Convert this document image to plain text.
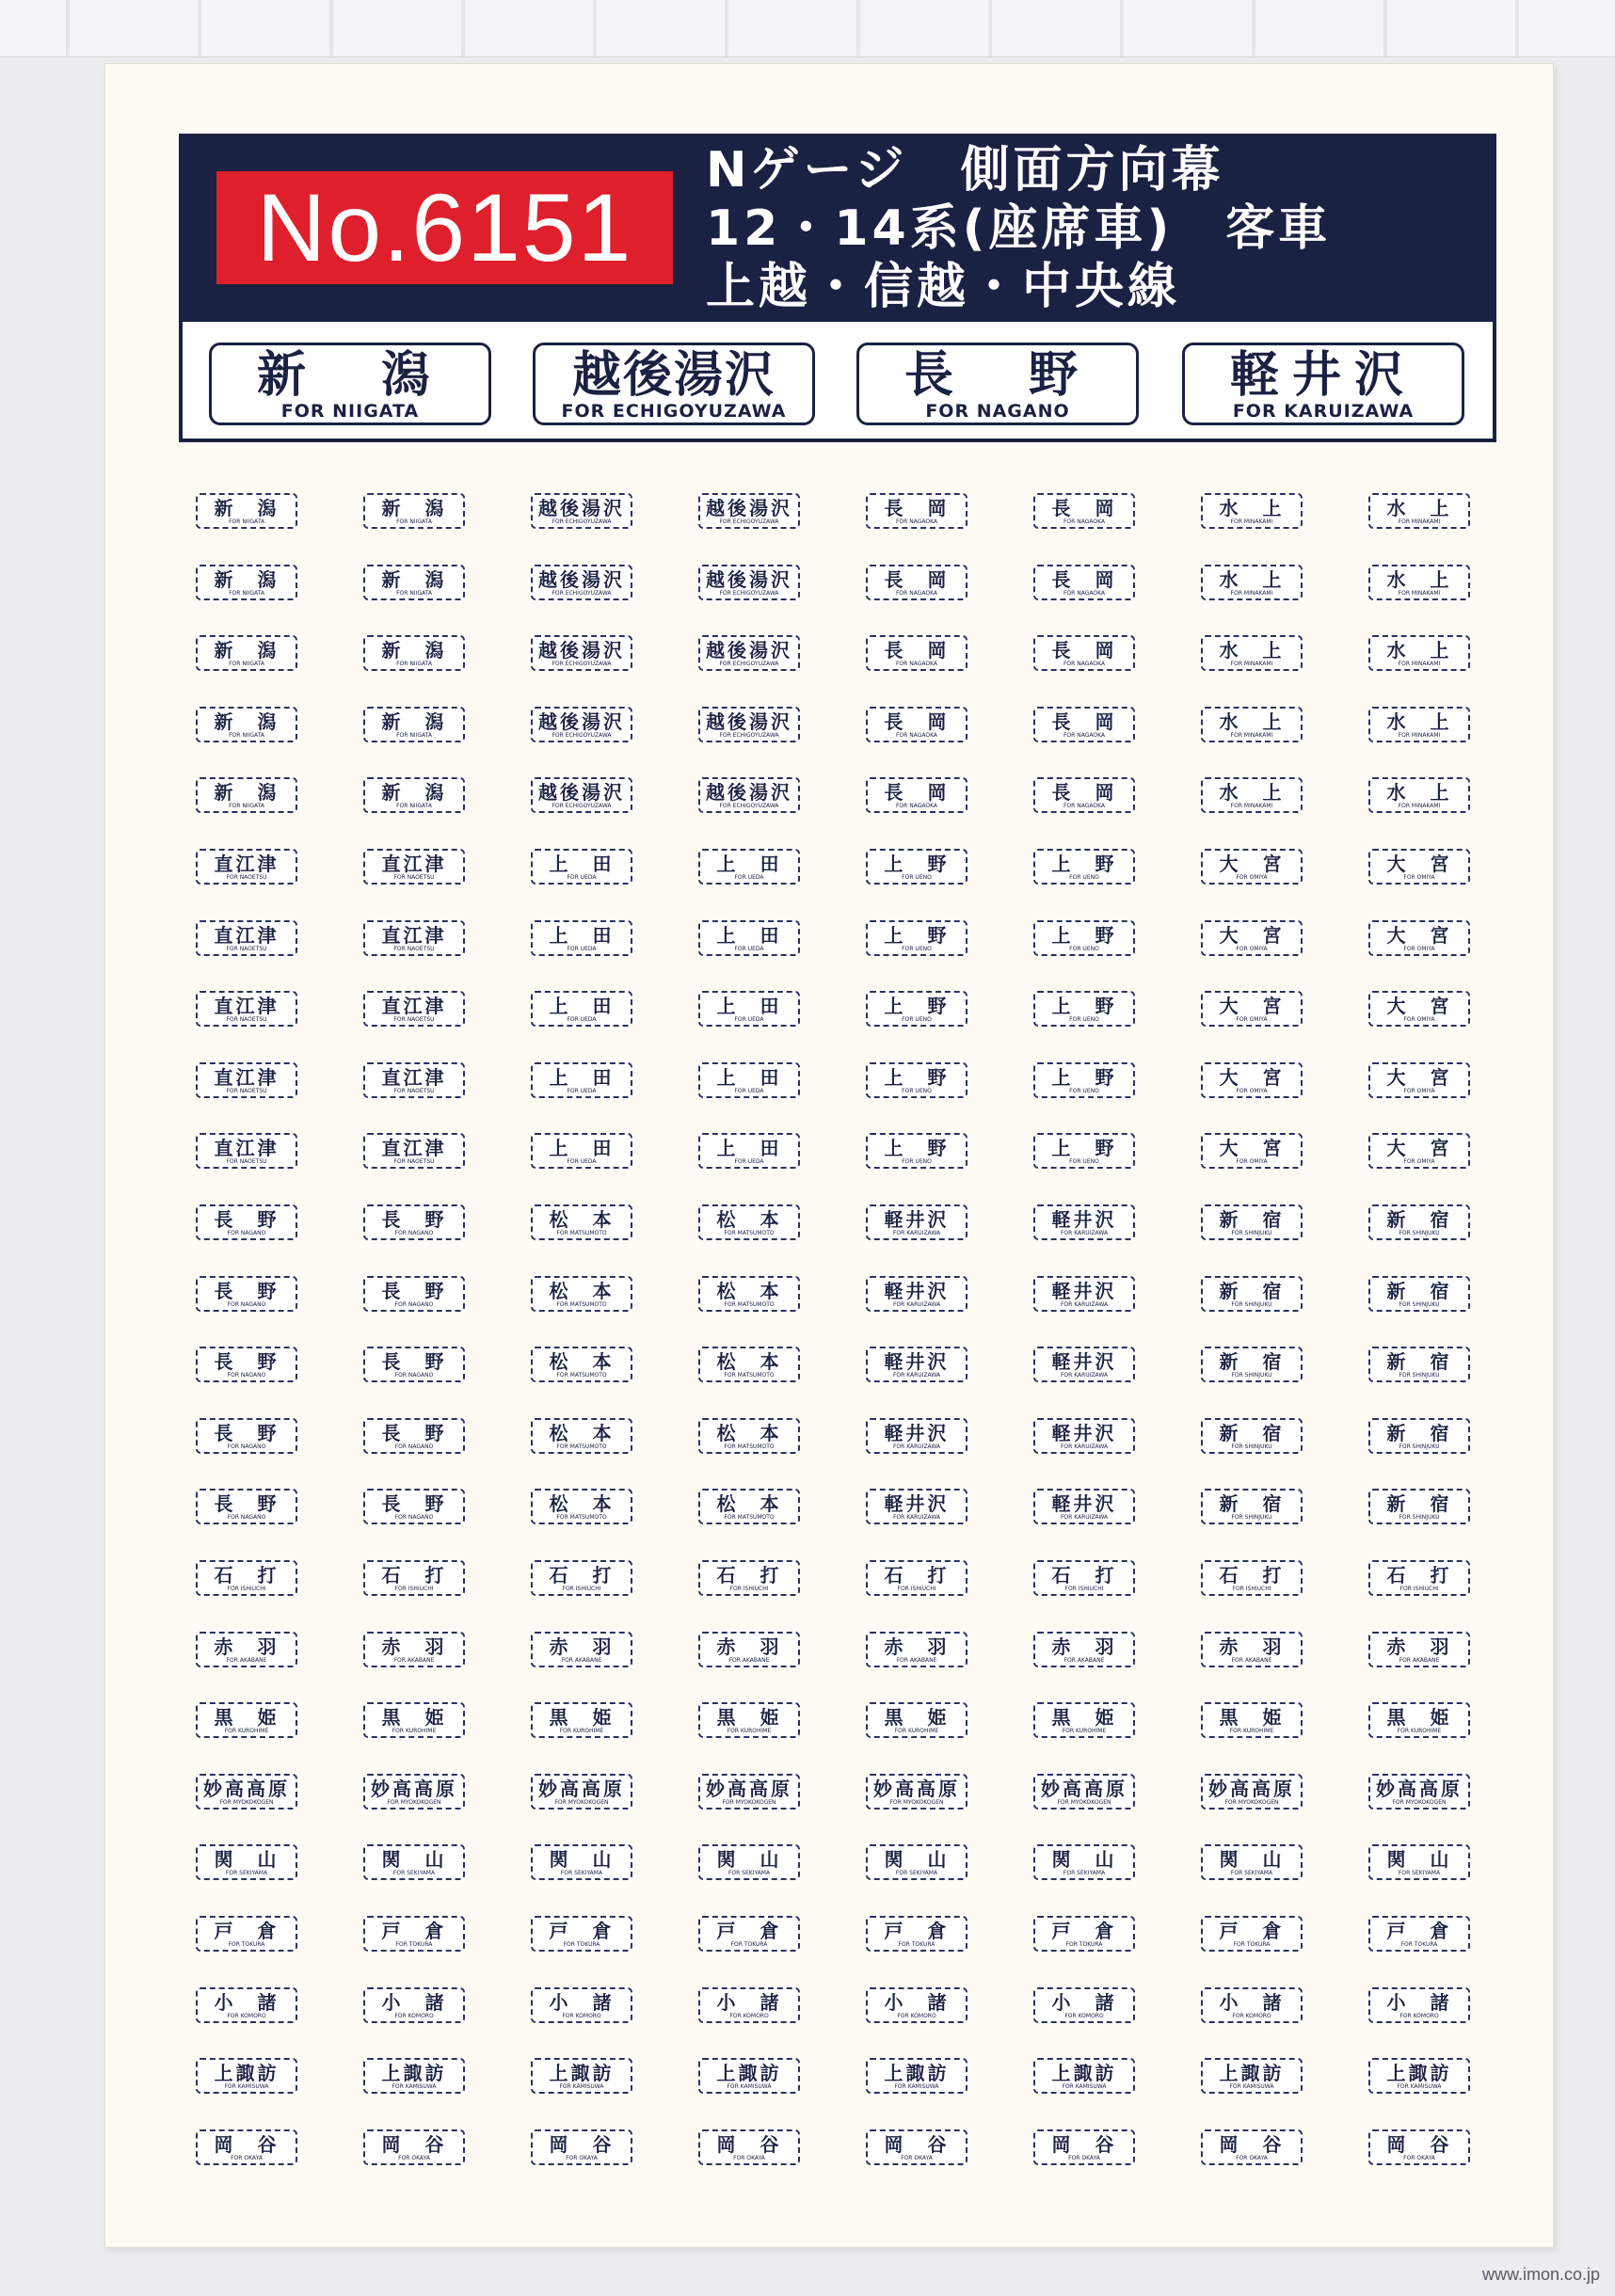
No.6151
Nゲージ　側面方向幕
12・14系(座席車)　客車
上越・信越・中央線
新　潟
FOR NIIGATA
越後湯沢
FOR ECHIGOYUZAWA
長　野
FOR NAGANO
軽井沢
FOR KARUIZAWA
新　潟
FOR NIIGATA
新　潟
FOR NIIGATA
越後湯沢
FOR ECHIGOYUZAWA
越後湯沢
FOR ECHIGOYUZAWA
長　岡
FOR NAGAOKA
長　岡
FOR NAGAOKA
水　上
FOR MINAKAMI
水　上
FOR MINAKAMI
新　潟
FOR NIIGATA
新　潟
FOR NIIGATA
越後湯沢
FOR ECHIGOYUZAWA
越後湯沢
FOR ECHIGOYUZAWA
長　岡
FOR NAGAOKA
長　岡
FOR NAGAOKA
水　上
FOR MINAKAMI
水　上
FOR MINAKAMI
新　潟
FOR NIIGATA
新　潟
FOR NIIGATA
越後湯沢
FOR ECHIGOYUZAWA
越後湯沢
FOR ECHIGOYUZAWA
長　岡
FOR NAGAOKA
長　岡
FOR NAGAOKA
水　上
FOR MINAKAMI
水　上
FOR MINAKAMI
新　潟
FOR NIIGATA
新　潟
FOR NIIGATA
越後湯沢
FOR ECHIGOYUZAWA
越後湯沢
FOR ECHIGOYUZAWA
長　岡
FOR NAGAOKA
長　岡
FOR NAGAOKA
水　上
FOR MINAKAMI
水　上
FOR MINAKAMI
新　潟
FOR NIIGATA
新　潟
FOR NIIGATA
越後湯沢
FOR ECHIGOYUZAWA
越後湯沢
FOR ECHIGOYUZAWA
長　岡
FOR NAGAOKA
長　岡
FOR NAGAOKA
水　上
FOR MINAKAMI
水　上
FOR MINAKAMI
直江津
FOR NAOETSU
直江津
FOR NAOETSU
上　田
FOR UEDA
上　田
FOR UEDA
上　野
FOR UENO
上　野
FOR UENO
大　宮
FOR ŌMIYA
大　宮
FOR ŌMIYA
直江津
FOR NAOETSU
直江津
FOR NAOETSU
上　田
FOR UEDA
上　田
FOR UEDA
上　野
FOR UENO
上　野
FOR UENO
大　宮
FOR ŌMIYA
大　宮
FOR ŌMIYA
直江津
FOR NAOETSU
直江津
FOR NAOETSU
上　田
FOR UEDA
上　田
FOR UEDA
上　野
FOR UENO
上　野
FOR UENO
大　宮
FOR ŌMIYA
大　宮
FOR ŌMIYA
直江津
FOR NAOETSU
直江津
FOR NAOETSU
上　田
FOR UEDA
上　田
FOR UEDA
上　野
FOR UENO
上　野
FOR UENO
大　宮
FOR ŌMIYA
大　宮
FOR ŌMIYA
直江津
FOR NAOETSU
直江津
FOR NAOETSU
上　田
FOR UEDA
上　田
FOR UEDA
上　野
FOR UENO
上　野
FOR UENO
大　宮
FOR ŌMIYA
大　宮
FOR ŌMIYA
長　野
FOR NAGANO
長　野
FOR NAGANO
松　本
FOR MATSUMOTO
松　本
FOR MATSUMOTO
軽井沢
FOR KARUIZAWA
軽井沢
FOR KARUIZAWA
新　宿
FOR SHINJUKU
新　宿
FOR SHINJUKU
長　野
FOR NAGANO
長　野
FOR NAGANO
松　本
FOR MATSUMOTO
松　本
FOR MATSUMOTO
軽井沢
FOR KARUIZAWA
軽井沢
FOR KARUIZAWA
新　宿
FOR SHINJUKU
新　宿
FOR SHINJUKU
長　野
FOR NAGANO
長　野
FOR NAGANO
松　本
FOR MATSUMOTO
松　本
FOR MATSUMOTO
軽井沢
FOR KARUIZAWA
軽井沢
FOR KARUIZAWA
新　宿
FOR SHINJUKU
新　宿
FOR SHINJUKU
長　野
FOR NAGANO
長　野
FOR NAGANO
松　本
FOR MATSUMOTO
松　本
FOR MATSUMOTO
軽井沢
FOR KARUIZAWA
軽井沢
FOR KARUIZAWA
新　宿
FOR SHINJUKU
新　宿
FOR SHINJUKU
長　野
FOR NAGANO
長　野
FOR NAGANO
松　本
FOR MATSUMOTO
松　本
FOR MATSUMOTO
軽井沢
FOR KARUIZAWA
軽井沢
FOR KARUIZAWA
新　宿
FOR SHINJUKU
新　宿
FOR SHINJUKU
石　打
FOR ISHIUCHI
石　打
FOR ISHIUCHI
石　打
FOR ISHIUCHI
石　打
FOR ISHIUCHI
石　打
FOR ISHIUCHI
石　打
FOR ISHIUCHI
石　打
FOR ISHIUCHI
石　打
FOR ISHIUCHI
赤　羽
FOR AKABANE
赤　羽
FOR AKABANE
赤　羽
FOR AKABANE
赤　羽
FOR AKABANE
赤　羽
FOR AKABANE
赤　羽
FOR AKABANE
赤　羽
FOR AKABANE
赤　羽
FOR AKABANE
黒　姫
FOR KUROHIME
黒　姫
FOR KUROHIME
黒　姫
FOR KUROHIME
黒　姫
FOR KUROHIME
黒　姫
FOR KUROHIME
黒　姫
FOR KUROHIME
黒　姫
FOR KUROHIME
黒　姫
FOR KUROHIME
妙高高原
FOR MYOKOKOGEN
妙高高原
FOR MYOKOKOGEN
妙高高原
FOR MYOKOKOGEN
妙高高原
FOR MYOKOKOGEN
妙高高原
FOR MYOKOKOGEN
妙高高原
FOR MYOKOKOGEN
妙高高原
FOR MYOKOKOGEN
妙高高原
FOR MYOKOKOGEN
関　山
FOR SEKIYAMA
関　山
FOR SEKIYAMA
関　山
FOR SEKIYAMA
関　山
FOR SEKIYAMA
関　山
FOR SEKIYAMA
関　山
FOR SEKIYAMA
関　山
FOR SEKIYAMA
関　山
FOR SEKIYAMA
戸　倉
FOR TOKURA
戸　倉
FOR TOKURA
戸　倉
FOR TOKURA
戸　倉
FOR TOKURA
戸　倉
FOR TOKURA
戸　倉
FOR TOKURA
戸　倉
FOR TOKURA
戸　倉
FOR TOKURA
小　諸
FOR KOMORO
小　諸
FOR KOMORO
小　諸
FOR KOMORO
小　諸
FOR KOMORO
小　諸
FOR KOMORO
小　諸
FOR KOMORO
小　諸
FOR KOMORO
小　諸
FOR KOMORO
上諏訪
FOR KAMISUWA
上諏訪
FOR KAMISUWA
上諏訪
FOR KAMISUWA
上諏訪
FOR KAMISUWA
上諏訪
FOR KAMISUWA
上諏訪
FOR KAMISUWA
上諏訪
FOR KAMISUWA
上諏訪
FOR KAMISUWA
岡　谷
FOR OKAYA
岡　谷
FOR OKAYA
岡　谷
FOR OKAYA
岡　谷
FOR OKAYA
岡　谷
FOR OKAYA
岡　谷
FOR OKAYA
岡　谷
FOR OKAYA
岡　谷
FOR OKAYA
www.imon.co.jp
